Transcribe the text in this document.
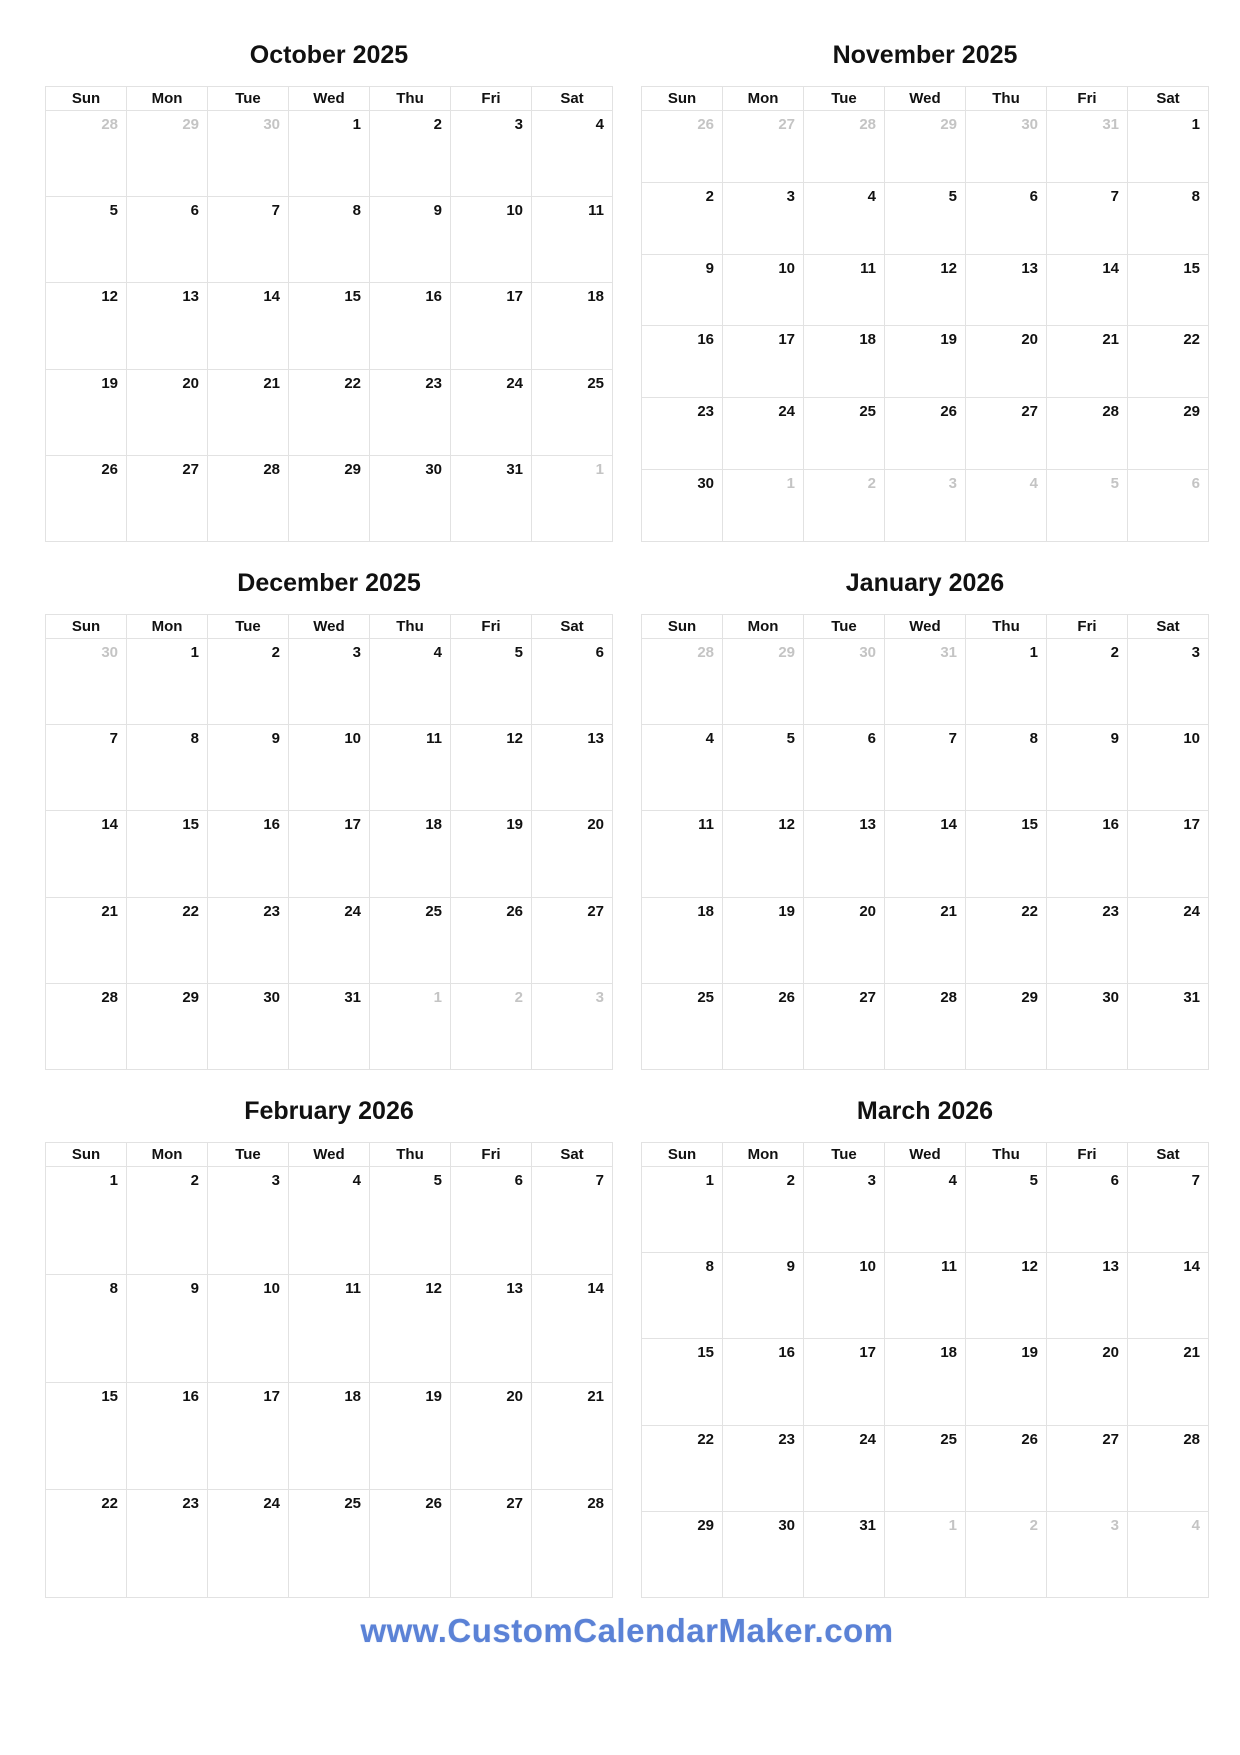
October 2025
Sun	Mon	Tue	Wed	Thu	Fri	Sat
28	29	30	1	2	3	4
5	6	7	8	9	10	11
12	13	14	15	16	17	18
19	20	21	22	23	24	25
26	27	28	29	30	31	1
November 2025
Sun	Mon	Tue	Wed	Thu	Fri	Sat
26	27	28	29	30	31	1
2	3	4	5	6	7	8
9	10	11	12	13	14	15
16	17	18	19	20	21	22
23	24	25	26	27	28	29
30	1	2	3	4	5	6
December 2025
Sun	Mon	Tue	Wed	Thu	Fri	Sat
30	1	2	3	4	5	6
7	8	9	10	11	12	13
14	15	16	17	18	19	20
21	22	23	24	25	26	27
28	29	30	31	1	2	3
January 2026
Sun	Mon	Tue	Wed	Thu	Fri	Sat
28	29	30	31	1	2	3
4	5	6	7	8	9	10
11	12	13	14	15	16	17
18	19	20	21	22	23	24
25	26	27	28	29	30	31
February 2026
Sun	Mon	Tue	Wed	Thu	Fri	Sat
1	2	3	4	5	6	7
8	9	10	11	12	13	14
15	16	17	18	19	20	21
22	23	24	25	26	27	28
March 2026
Sun	Mon	Tue	Wed	Thu	Fri	Sat
1	2	3	4	5	6	7
8	9	10	11	12	13	14
15	16	17	18	19	20	21
22	23	24	25	26	27	28
29	30	31	1	2	3	4
www.CustomCalendarMaker.com
